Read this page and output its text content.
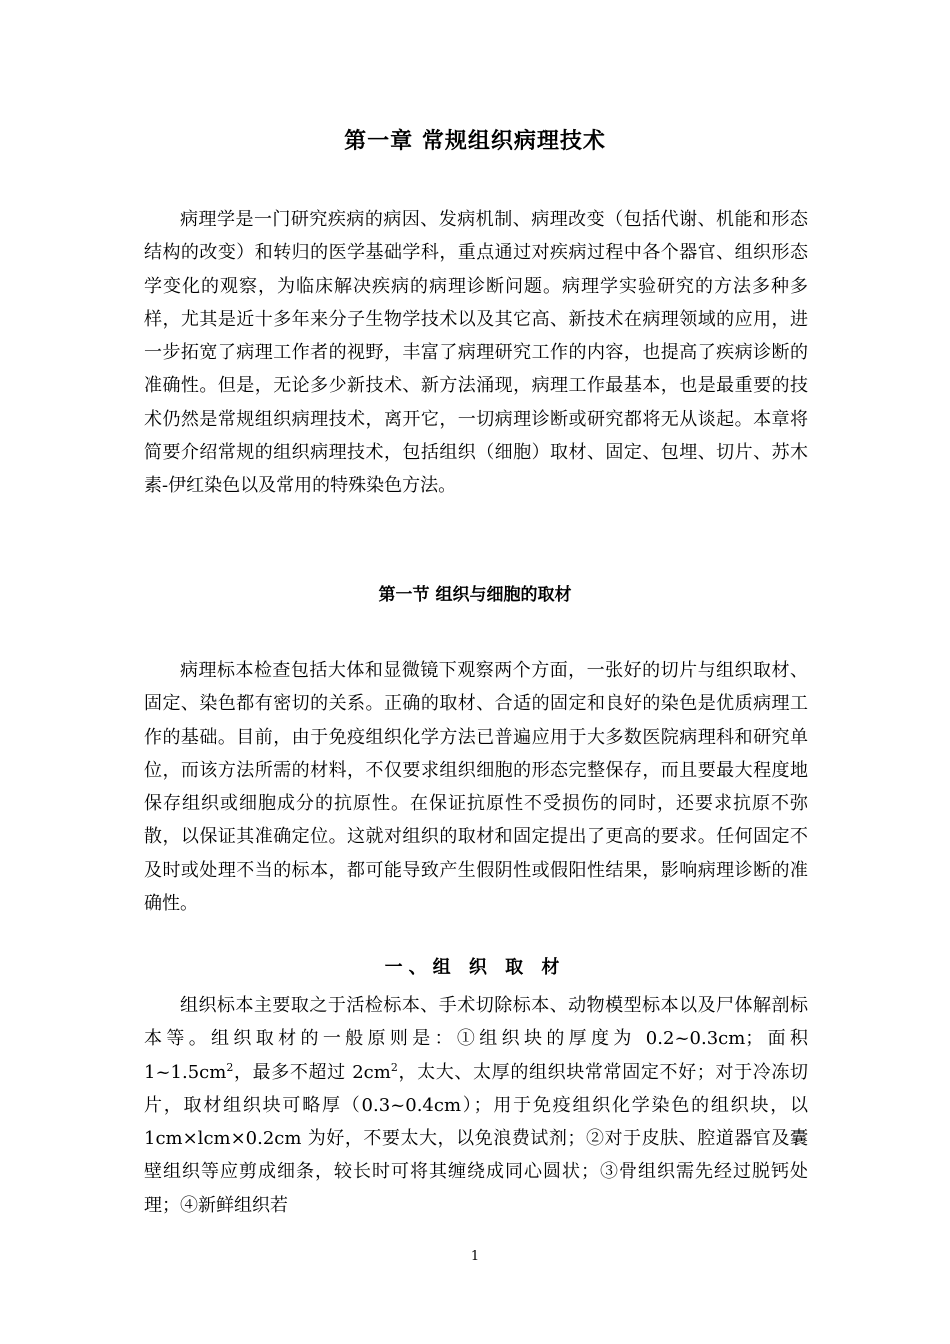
第一章 常规组织病理技术

病理学是一门研究疾病的病因、发病机制、病理改变（包括代谢、机能和形态结构的改变）和转归的医学基础学科，重点通过对疾病过程中各个器官、组织形态学变化的观察，为临床解决疾病的病理诊断问题。病理学实验研究的方法多种多样，尤其是近十多年来分子生物学技术以及其它高、新技术在病理领域的应用，进一步拓宽了病理工作者的视野，丰富了病理研究工作的内容，也提高了疾病诊断的准确性。但是，无论多少新技术、新方法涌现，病理工作最基本，也是最重要的技术仍然是常规组织病理技术，离开它，一切病理诊断或研究都将无从谈起。本章将简要介绍常规的组织病理技术，包括组织（细胞）取材、固定、包埋、切片、苏木素-伊红染色以及常用的特殊染色方法。

第一节 组织与细胞的取材

病理标本检查包括大体和显微镜下观察两个方面，一张好的切片与组织取材、固定、染色都有密切的关系。正确的取材、合适的固定和良好的染色是优质病理工作的基础。目前，由于免疫组织化学方法已普遍应用于大多数医院病理科和研究单位，而该方法所需的材料，不仅要求组织细胞的形态完整保存，而且要最大程度地保存组织或细胞成分的抗原性。在保证抗原性不受损伤的同时，还要求抗原不弥散，以保证其准确定位。这就对组织的取材和固定提出了更高的要求。任何固定不及时或处理不当的标本，都可能导致产生假阴性或假阳性结果，影响病理诊断的准确性。

一、组 织 取 材

组织标本主要取之于活检标本、手术切除标本、动物模型标本以及尸体解剖标本等。组织取材的一般原则是：①组织块的厚度为 0.2~0.3cm；面积 $1\sim 1.5cm^2$，最多不超过 $2cm^2$，太大、太厚的组织块常常固定不好；对于冷冻切片，取材组织块可略厚（0.3~0.4cm）；用于免疫组织化学染色的组织块，以 1cm×lcm×0.2cm 为好，不要太大，以免浪费试剂；②对于皮肤、腔道器官及囊壁组织等应剪成细条，较长时可将其缠绕成同心圆状；③骨组织需先经过脱钙处理；④新鲜组织若

1
